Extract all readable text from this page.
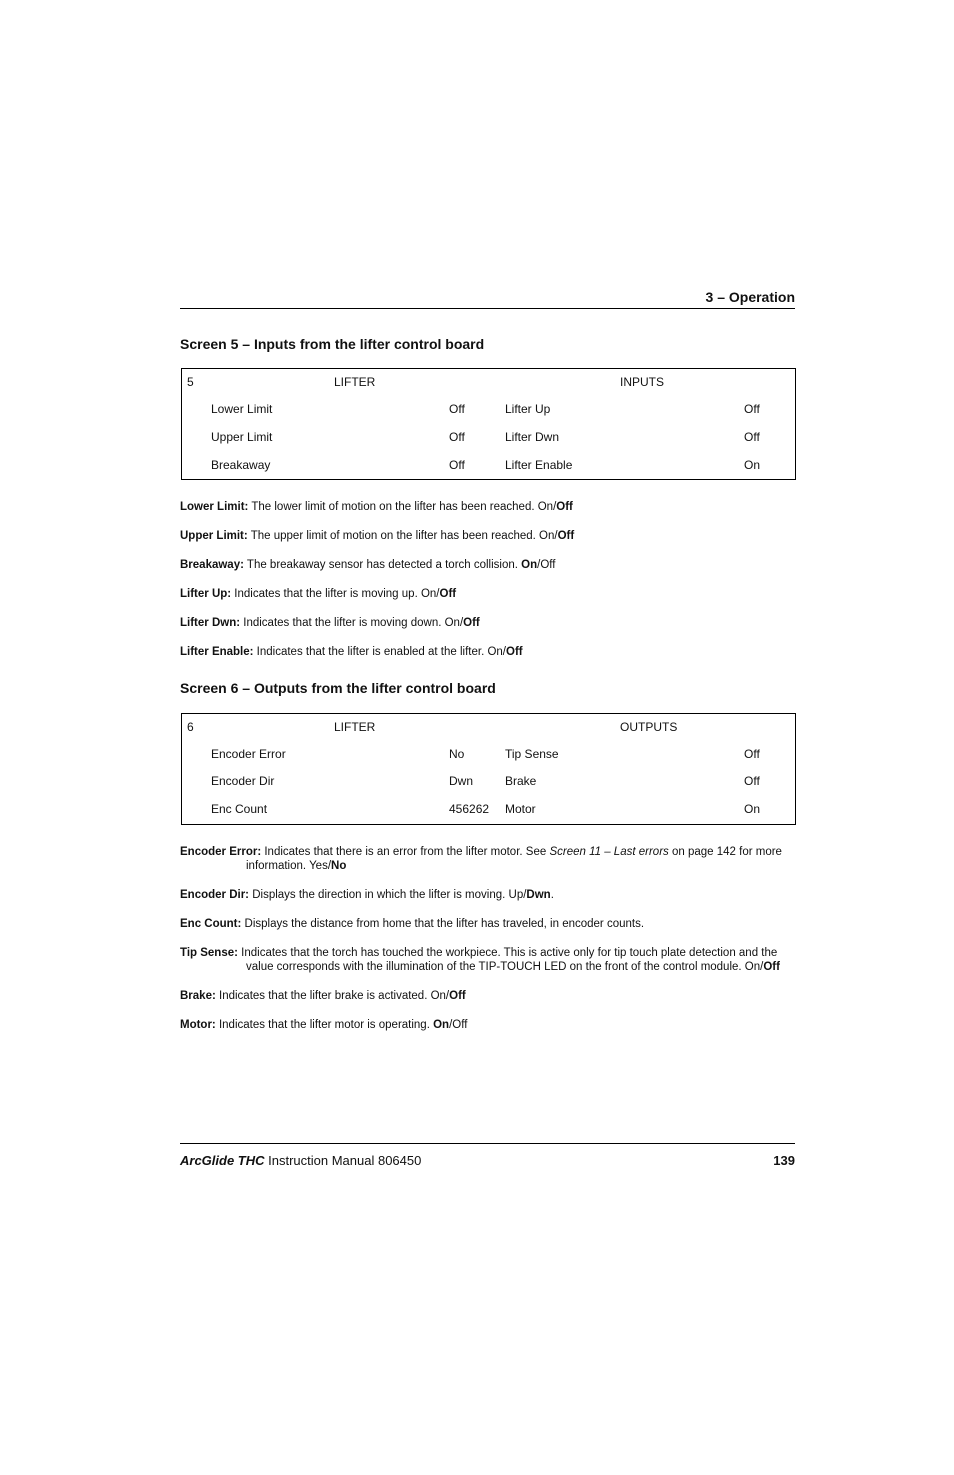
3 – Operation
Screen 5 – Inputs from the lifter control board
5	LIFTER	INPUTS
Lower Limit	Off	Lifter Up	Off
Upper Limit	Off	Lifter Dwn	Off
Breakaway	Off	Lifter Enable	On
Lower Limit: The lower limit of motion on the lifter has been reached. On/Off
Upper Limit: The upper limit of motion on the lifter has been reached. On/Off
Breakaway: The breakaway sensor has detected a torch collision. On/Off
Lifter Up: Indicates that the lifter is moving up. On/Off
Lifter Dwn: Indicates that the lifter is moving down. On/Off
Lifter Enable: Indicates that the lifter is enabled at the lifter. On/Off
Screen 6 – Outputs from the lifter control board
6	LIFTER	OUTPUTS
Encoder Error	No	Tip Sense	Off
Encoder Dir	Dwn	Brake	Off
Enc Count	456262 Motor	On
Encoder Error: Indicates that there is an error from the lifter motor. See Screen 11 – Last errors on page 142 for more
information. Yes/No
Encoder Dir: Displays the direction in which the lifter is moving. Up/Dwn.
Enc Count: Displays the distance from home that the lifter has traveled, in encoder counts.
Tip Sense: Indicates that the torch has touched the workpiece. This is active only for tip touch plate detection and the
value corresponds with the illumination of the TIP-TOUCH LED on the front of the control module. On/Off
Brake: Indicates that the lifter brake is activated. On/Off
Motor: Indicates that the lifter motor is operating. On/Off
ArcGlide THC Instruction Manual 806450	139
